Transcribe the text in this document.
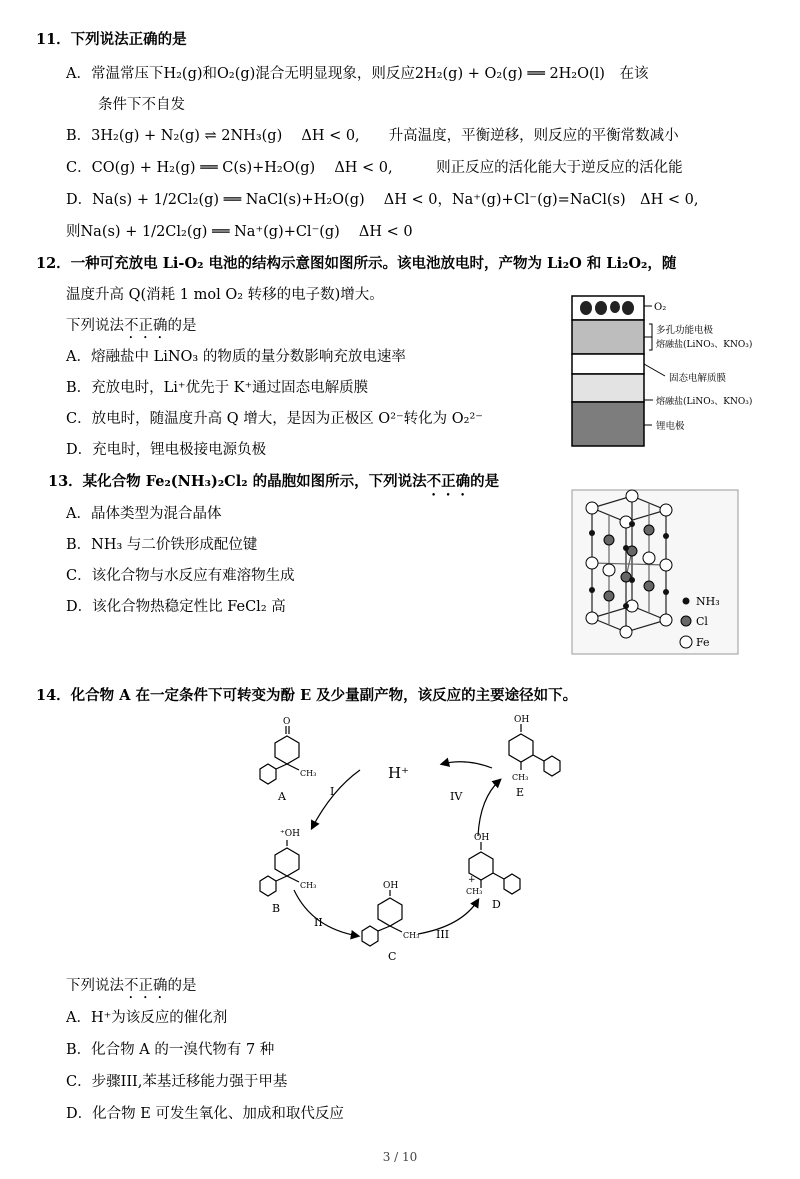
11．下列说法正确的是
A．常温常压下H₂(g)和O₂(g)混合无明显现象，则反应2H₂(g) + O₂(g) ══ 2H₂O(l)　在该
条件下不自发
B．3H₂(g) + N₂(g) ⇌ 2NH₃(g)　 ΔH < 0,　　升高温度，平衡逆移，则反应的平衡常数减小
C．CO(g) + H₂(g) ══ C(s)+H₂O(g)　 ΔH < 0,　　　则正反应的活化能大于逆反应的活化能
D．Na(s) + 1/2Cl₂(g) ══ NaCl(s)+H₂O(g)　 ΔH < 0，Na⁺(g)+Cl⁻(g)=NaCl(s)　ΔH < 0,
则Na(s) + 1/2Cl₂(g) ══ Na⁺(g)+Cl⁻(g)　 ΔH < 0
12．一种可充放电 Li-O₂ 电池的结构示意图如图所示。该电池放电时，产物为 Li₂O 和 Li₂O₂，随
温度升高 Q(消耗 1 mol O₂ 转移的电子数)增大。
下列说法不正确的是
A．熔融盐中 LiNO₃ 的物质的量分数影响充放电速率
B．充放电时，Li⁺优先于 K⁺通过固态电解质膜
C．放电时，随温度升高 Q 增大，是因为正极区 O²⁻转化为 O₂²⁻
D．充电时，锂电极接电源负极
O₂
多孔功能电极
熔融盐(LiNO₃、KNO₃)
固态电解质膜
熔融盐(LiNO₃、KNO₃)
锂电极
13．某化合物 Fe₂(NH₃)₂Cl₂ 的晶胞如图所示，下列说法不正确的是
A．晶体类型为混合晶体
B．NH₃ 与二价铁形成配位键
C．该化合物与水反应有难溶物生成
D．该化合物热稳定性比 FeCl₂ 高	NH₃
Cl
Fe
14．化合物 A 在一定条件下可转变为酚 E 及少量副产物，该反应的主要途径如下。
O
CH₃
A
⁺OH
CH₃
B
OH
CH₃
C
OH
CH₃
+
D
OH
CH₃
E
H⁺
I
II
III
IV
下列说法不正确的是
A．H⁺为该反应的催化剂
B．化合物 A 的一溴代物有 7 种
C．步骤III,苯基迁移能力强于甲基
D．化合物 E 可发生氧化、加成和取代反应
3 / 10
